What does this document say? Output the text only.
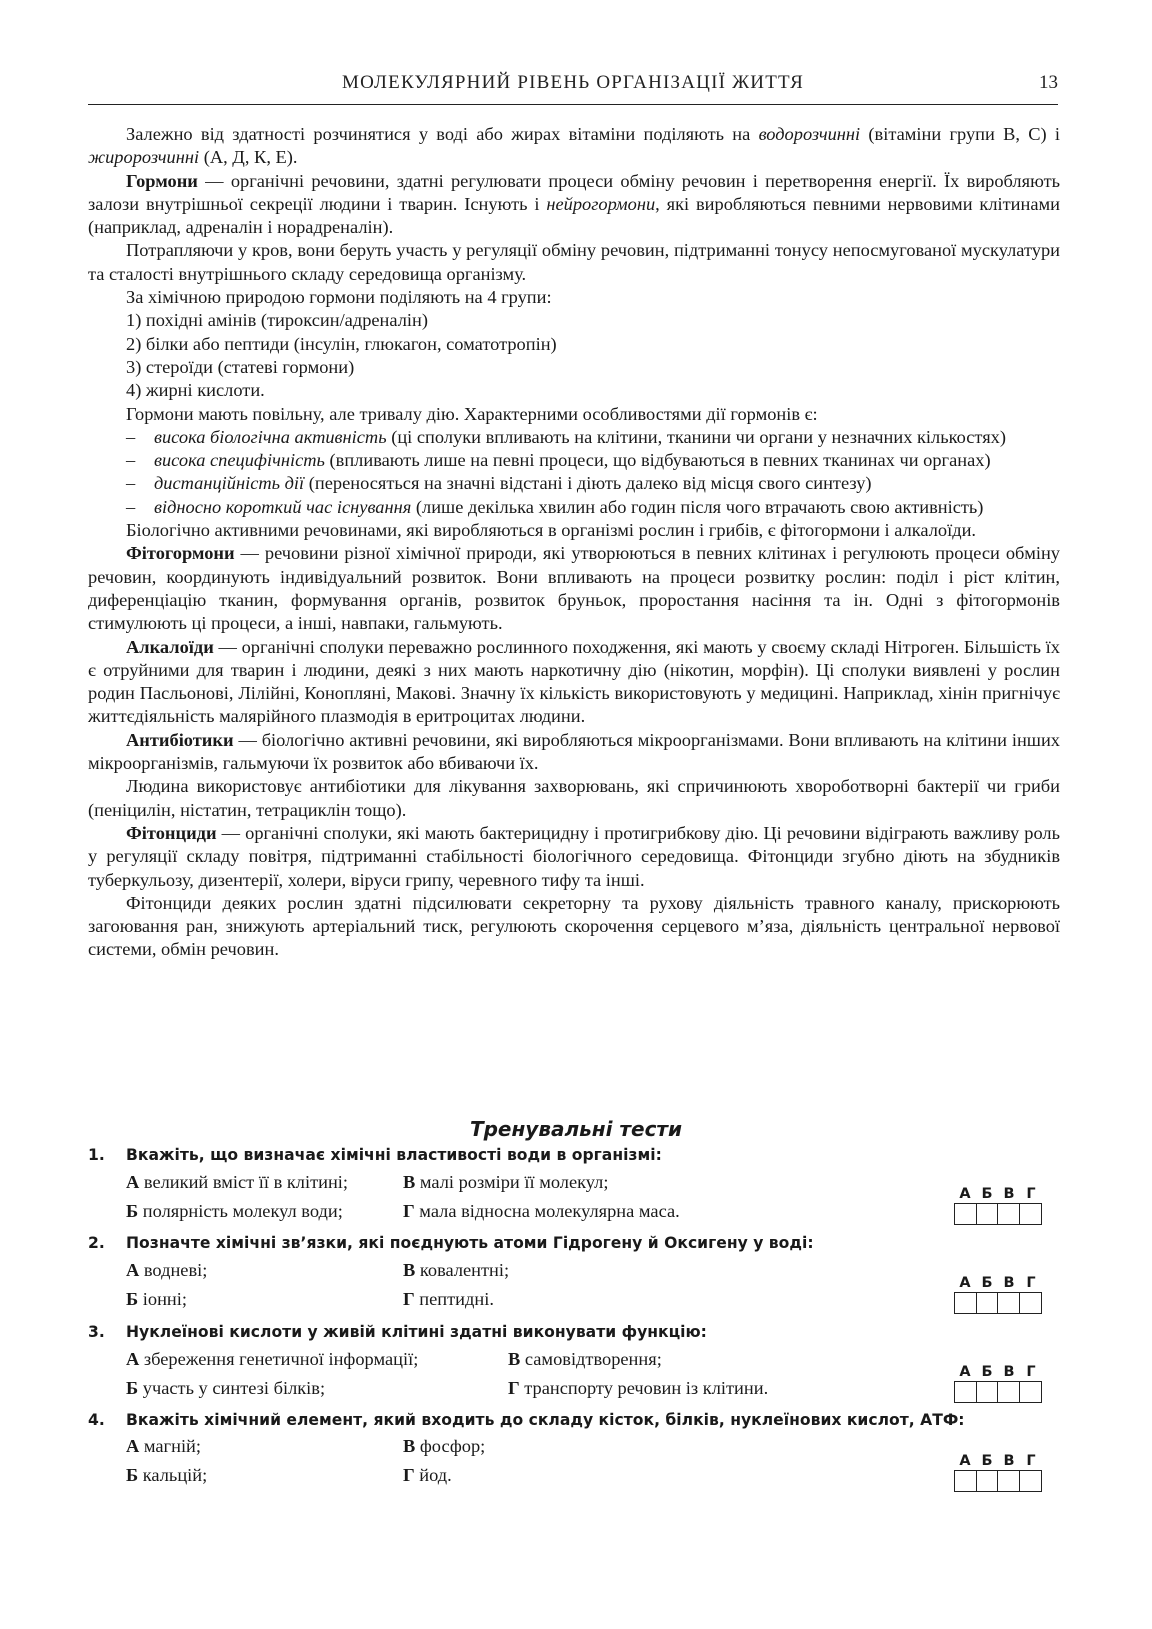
МОЛЕКУЛЯРНИЙ РІВЕНЬ ОРГАНІЗАЦІЇ ЖИТТЯ	13

Залежно від здатності розчинятися у воді або жирах вітаміни поділяють на водорозчинні (вітаміни групи В, С) і жиророзчинні (А, Д, К, Е).

Гормони — органічні речовини, здатні регулювати процеси обміну речовин і перетворення енергії. Їх виробляють залози внутрішньої секреції людини і тварин. Існують і нейрогормони, які виробляються певними нервовими клітинами (наприклад, адреналін і норадреналін).

Потрапляючи у кров, вони беруть участь у регуляції обміну речовин, підтриманні тонусу непосмугованої мускулатури та сталості внутрішнього складу середовища організму.

За хімічною природою гормони поділяють на 4 групи:

1) похідні амінів (тироксин/адреналін)

2) білки або пептиди (інсулін, глюкагон, соматотропін)

3) стероїди (статеві гормони)

4) жирні кислоти.

Гормони мають повільну, але тривалу дію. Характерними особливостями дії гормонів є:

– висока біологічна активність (ці сполуки впливають на клітини, тканини чи органи у незначних кількостях)

– висока специфічність (впливають лише на певні процеси, що відбуваються в певних тканинах чи органах)

– дистанційність дії (переносяться на значні відстані і діють далеко від місця свого синтезу)

– відносно короткий час існування (лише декілька хвилин або годин після чого втрачають свою активність)

Біологічно активними речовинами, які виробляються в організмі рослин і грибів, є фітогормони і алкалоїди.

Фітогормони — речовини різної хімічної природи, які утворюються в певних клітинах і регулюють процеси обміну речовин, координують індивідуальний розвиток. Вони впливають на процеси розвитку рослин: поділ і ріст клітин, диференціацію тканин, формування органів, розвиток бруньок, проростання насіння та ін. Одні з фітогормонів стимулюють ці процеси, а інші, навпаки, гальмують.

Алкалоїди — органічні сполуки переважно рослинного походження, які мають у своєму складі Нітроген. Більшість їх є отруйними для тварин і людини, деякі з них мають наркотичну дію (нікотин, морфін). Ці сполуки виявлені у рослин родин Пасльонові, Лілійні, Конопляні, Макові. Значну їх кількість використовують у медицині. Наприклад, хінін пригнічує життєдіяльність малярійного плазмодія в еритроцитах людини.

Антибіотики — біологічно активні речовини, які виробляються мікроорганізмами. Вони впливають на клітини інших мікроорганізмів, гальмуючи їх розвиток або вбиваючи їх.

Людина використовує антибіотики для лікування захворювань, які спричинюють хвороботворні бактерії чи гриби (пеніцилін, ністатин, тетрациклін тощо).

Фітонциди — органічні сполуки, які мають бактерицидну і протигрибкову дію. Ці речовини відіграють важливу роль у регуляції складу повітря, підтриманні стабільності біологічного середовища. Фітонциди згубно діють на збудників туберкульозу, дизентерії, холери, віруси грипу, черевного тифу та інші.

Фітонциди деяких рослин здатні підсилювати секреторну та рухову діяльність травного каналу, прискорюють загоювання ран, знижують артеріальний тиск, регулюють скорочення серцевого м’яза, діяльність центральної нервової системи, обмін речовин.

Тренувальні тести
1. Вкажіть, що визначає хімічні властивості води в організмі:
А великий вміст її в клітині;	В малі розміри її молекул;
Б полярність молекул води;	Г мала відносна молекулярна маса.
А Б В Г
2. Позначте хімічні зв’язки, які поєднують атоми Гідрогену й Оксигену у воді:
А водневі;	В ковалентні;
Б іонні;	Г пептидні.
А Б В Г
3. Нуклеїнові кислоти у живій клітині здатні виконувати функцію:
А збереження генетичної інформації;	В самовідтворення;
Б участь у синтезі білків;	Г транспорту речовин із клітини.
А Б В Г
4. Вкажіть хімічний елемент, який входить до складу кісток, білків, нуклеїнових кислот, АТФ:
А магній;	В фосфор;
Б кальцій;	Г йод.
А Б В Г
